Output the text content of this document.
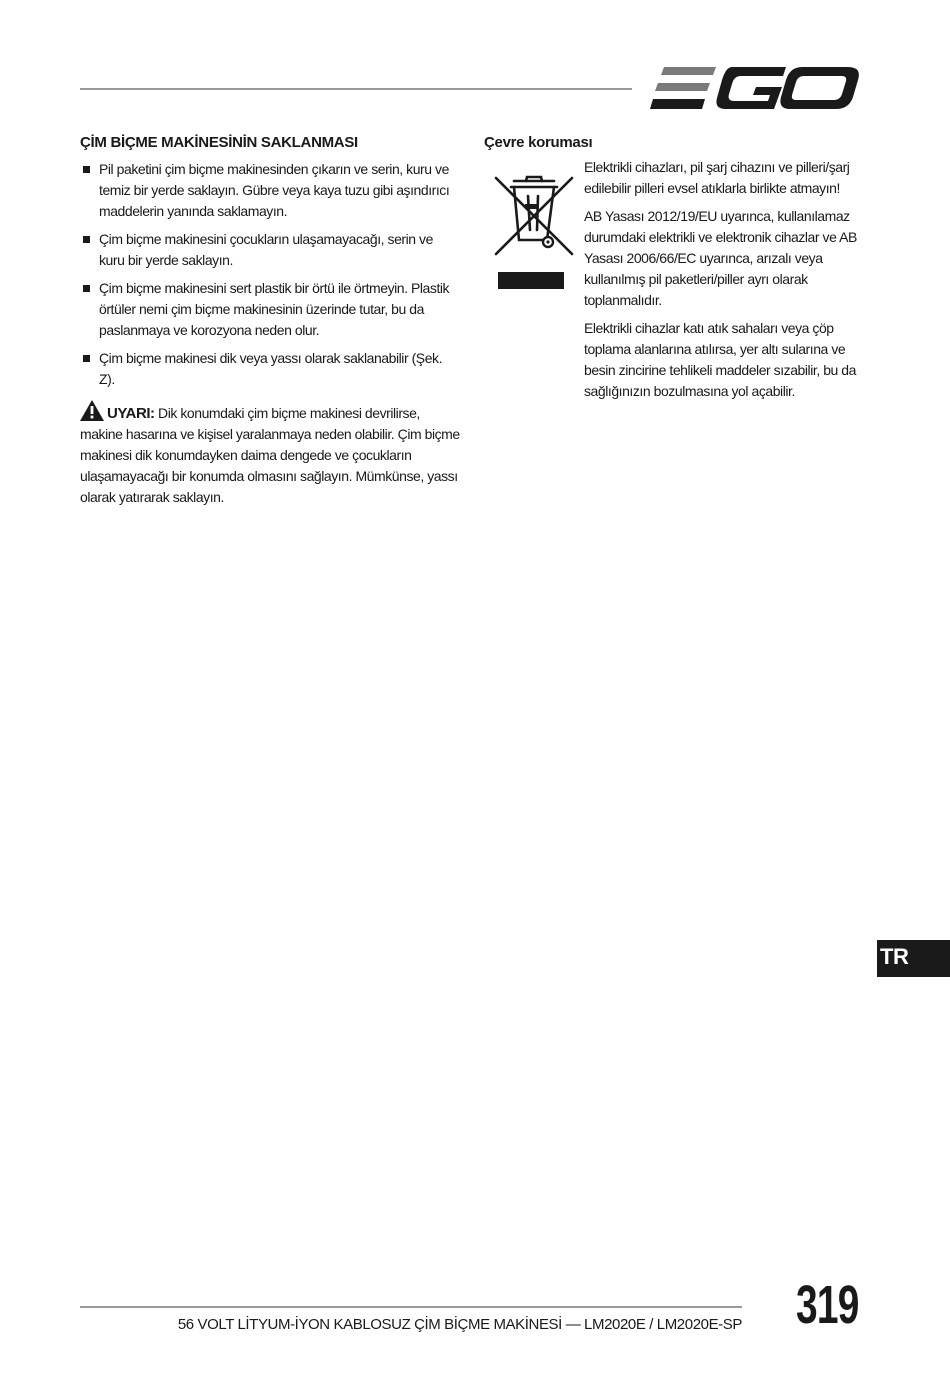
ÇİM BİÇME MAKİNESİNİN SAKLANMASI
Pil paketini çim biçme makinesinden çıkarın ve serin, kuru ve temiz bir yerde saklayın. Gübre veya kaya tuzu gibi aşındırıcı maddelerin yanında saklamayın.
Çim biçme makinesini çocukların ulaşamayacağı, serin ve kuru bir yerde saklayın.
Çim biçme makinesini sert plastik bir örtü ile örtmeyin. Plastik örtüler nemi çim biçme makinesinin üzerinde tutar, bu da paslanmaya ve korozyona neden olur.
Çim biçme makinesi dik veya yassı olarak saklanabilir (Şek. Z).
UYARI: Dik konumdaki çim biçme makinesi devrilirse, makine hasarına ve kişisel yaralanmaya neden olabilir. Çim biçme makinesi dik konumdayken daima dengede ve çocukların ulaşamayacağı bir konumda olmasını sağlayın. Mümkünse, yassı olarak yatırarak saklayın.
Çevre koruması

Elektrikli cihazları, pil şarj cihazını ve pilleri/şarj edilebilir pilleri evsel atıklarla birlikte atmayın!

AB Yasası 2012/19/EU uyarınca, kullanılamaz durumdaki elektrikli ve elektronik cihazlar ve AB Yasası 2006/66/EC uyarınca, arızalı veya kullanılmış pil paketleri/piller ayrı olarak toplanmalıdır.

Elektrikli cihazlar katı atık sahaları veya çöp toplama alanlarına atılırsa, yer altı sularına ve besin zincirine tehlikeli maddeler sızabilir, bu da sağlığınızın bozulmasına yol açabilir.

TR
56 VOLT LİTYUM-İYON KABLOSUZ ÇİM BİÇME MAKİNESİ — LM2020E / LM2020E-SP 319
